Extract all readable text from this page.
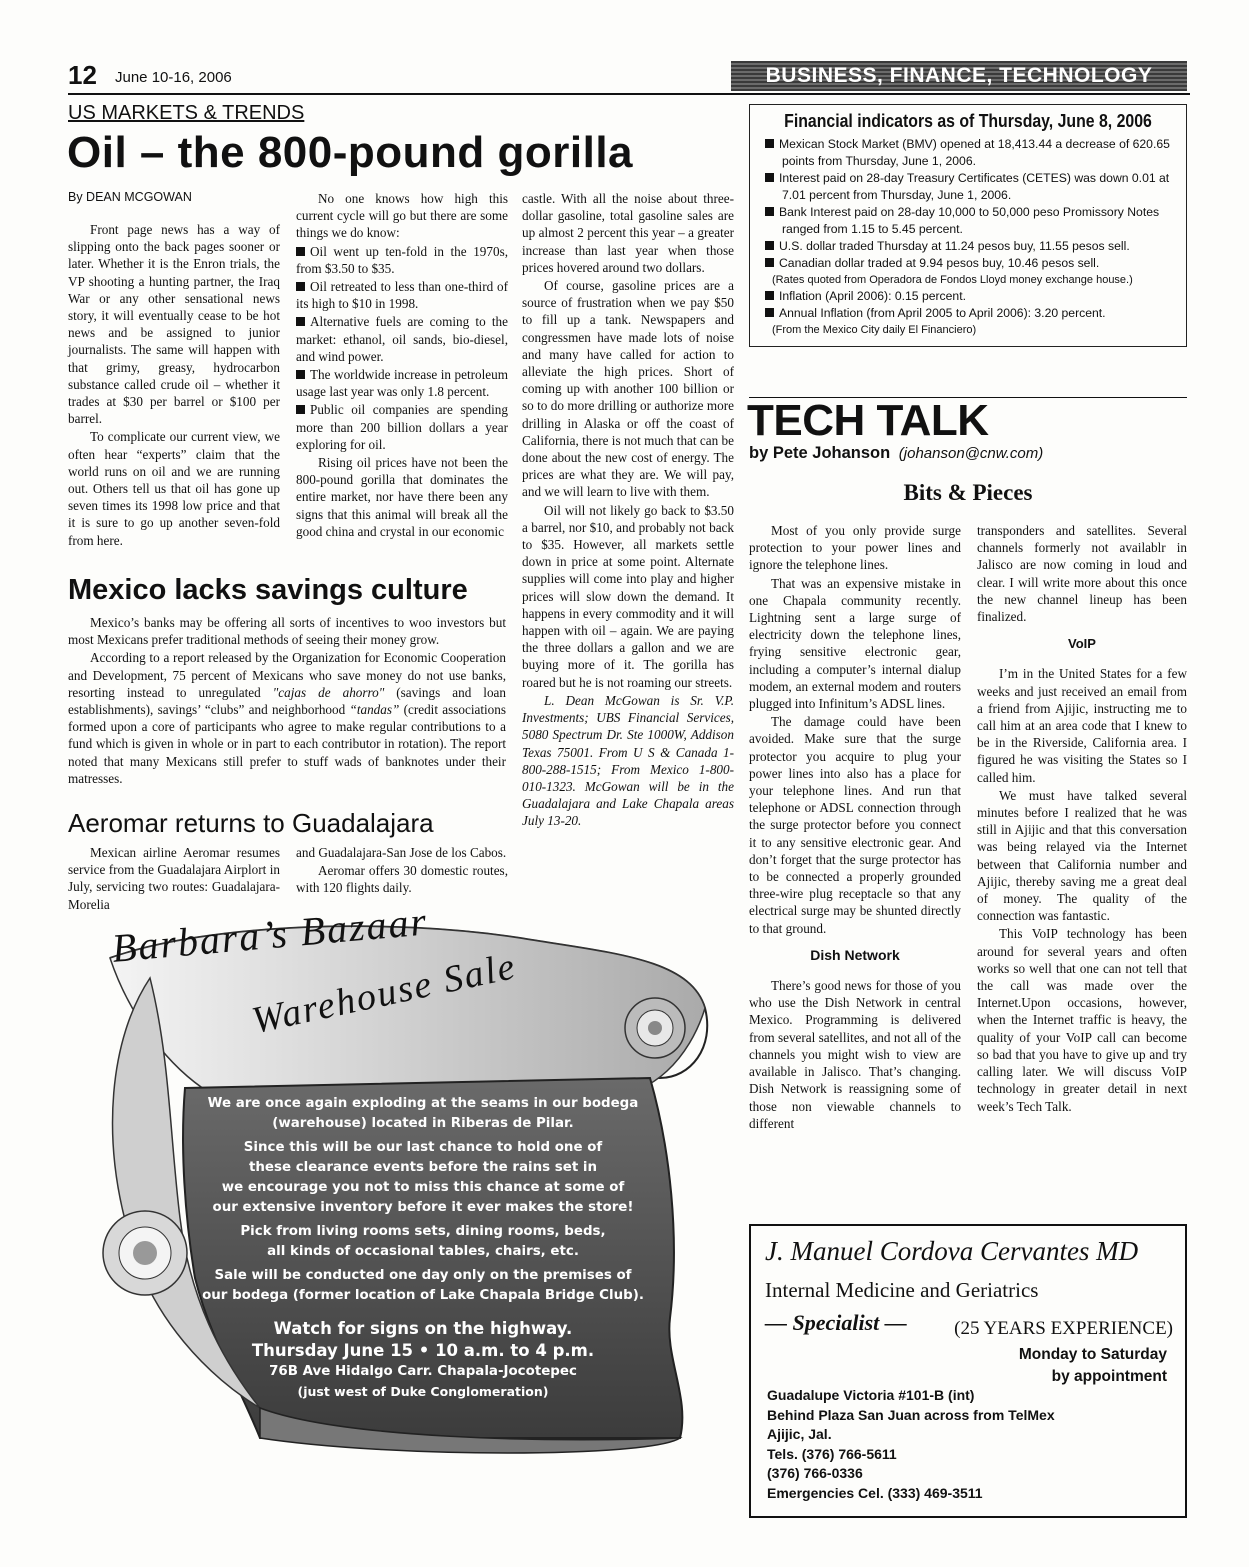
12 June 10-16, 2006	BUSINESS, FINANCE, TECHNOLOGY
US MARKETS & TRENDS
Oil – the 800-pound gorilla
By DEAN MCGOWAN

Front page news has a way of slipping onto the back pages sooner or later. Whether it is the Enron trials, the VP shooting a hunting partner, the Iraq War or any other sensational news story, it will eventually cease to be hot news and be assigned to junior journalists. The same will happen with that grimy, greasy, hydrocarbon substance called crude oil – whether it trades at $30 per barrel or $100 per barrel.

To complicate our current view, we often hear “experts” claim that the world runs on oil and we are running out. Others tell us that oil has gone up seven times its 1998 low price and that it is sure to go up another seven-fold from here.

No one knows how high this current cycle will go but there are some things we do know:

Oil went up ten-fold in the 1970s, from $3.50 to $35.

Oil retreated to less than one-third of its high to $10 in 1998.

Alternative fuels are coming to the market: ethanol, oil sands, bio-diesel, and wind power.

The worldwide increase in petroleum usage last year was only 1.8 percent.

Public oil companies are spending more than 200 billion dollars a year exploring for oil.

Rising oil prices have not been the 800-pound gorilla that dominates the entire market, nor have there been any signs that this animal will break all the good china and crystal in our economic

castle. With all the noise about three-dollar gasoline, total gasoline sales are up almost 2 percent this year – a greater increase than last year when those prices hovered around two dollars.

Of course, gasoline prices are a source of frustration when we pay $50 to fill up a tank. Newspapers and congressmen have made lots of noise and many have called for action to alleviate the high prices. Short of coming up with another 100 billion or so to do more drilling or authorize more drilling in Alaska or off the coast of California, there is not much that can be done about the new cost of energy. The prices are what they are. We will pay, and we will learn to live with them.

Oil will not likely go back to $3.50 a barrel, nor $10, and probably not back to $35. However, all markets settle down in price at some point. Alternate supplies will come into play and higher prices will slow down the demand. It happens in every commodity and it will happen with oil – again. We are paying the three dollars a gallon and we are buying more of it. The gorilla has roared but he is not roaming our streets.

L. Dean McGowan is Sr. V.P. Investments; UBS Financial Services, 5080 Spectrum Dr. Ste 1000W, Addison Texas 75001. From U S & Canada 1-800-288-1515; From Mexico 1-800-010-1323. McGowan will be in the Guadalajara and Lake Chapala areas July 13-20.

Mexico lacks savings culture

Mexico’s banks may be offering all sorts of incentives to woo investors but most Mexicans prefer traditional methods of seeing their money grow.

According to a report released by the Organization for Economic Cooperation and Development, 75 percent of Mexicans who save money do not use banks, resorting instead to unregulated "cajas de ahorro" (savings and loan establishments), savings’ “clubs” and neighborhood “tandas” (credit associations formed upon a core of participants who agree to make regular contributions to a fund which is given in whole or in part to each contributor in rotation). The report noted that many Mexicans still prefer to stuff wads of banknotes under their matresses.

Aeromar returns to Guadalajara

Mexican airline Aeromar resumes service from the Guadalajara Airplort in July, servicing two routes: Guadalajara-Morelia

and Guadalajara-San Jose de los Cabos.

Aeromar offers 30 domestic routes, with 120 flights daily.

Financial indicators as of Thursday, June 8, 2006
Mexican Stock Market (BMV) opened at 18,413.44 a decrease of 620.65 points from Thursday, June 1, 2006.
Interest paid on 28-day Treasury Certificates (CETES) was down 0.01 at 7.01 percent from Thursday, June 1, 2006.
Bank Interest paid on 28-day 10,000 to 50,000 peso Promissory Notes ranged from 1.15 to 5.45 percent.
U.S. dollar traded Thursday at 11.24 pesos buy, 11.55 pesos sell.
Canadian dollar traded at 9.94 pesos buy, 10.46 pesos sell.
(Rates quoted from Operadora de Fondos Lloyd money exchange house.)
Inflation (April 2006): 0.15 percent.
Annual Inflation (from April 2005 to April 2006): 3.20 percent.
(From the Mexico City daily El Financiero)
TECH TALK
by Pete Johanson (johanson@cnw.com)
Bits & Pieces

Most of you only provide surge protection to your power lines and ignore the telephone lines.

That was an expensive mistake in one Chapala community recently. Lightning sent a large surge of electricity down the telephone lines, frying sensitive electronic gear, including a computer’s internal dialup modem, an external modem and routers plugged into Infinitum’s ADSL lines.

The damage could have been avoided. Make sure that the surge protector you acquire to plug your power lines into also has a place for your telephone lines. And run that telephone or ADSL connection through the surge protector before you connect it to any sensitive electronic gear. And don’t forget that the surge protector has to be connected a properly grounded three-wire plug receptacle so that any electrical surge may be shunted directly to that ground.

Dish Network

There’s good news for those of you who use the Dish Network in central Mexico. Programming is delivered from several satellites, and not all of the channels you might wish to view are available in Jalisco. That’s changing. Dish Network is reassigning some of those non viewable channels to different

transponders and satellites. Several channels formerly not availablr in Jalisco are now coming in loud and clear. I will write more about this once the new channel lineup has been finalized.

VoIP

I’m in the United States for a few weeks and just received an email from a friend from Ajijic, instructing me to call him at an area code that I knew to be in the Riverside, California area. I figured he was visiting the States so I called him.

We must have talked several minutes before I realized that he was still in Ajijic and that this conversation was being relayed via the Internet between that California number and Ajijic, thereby saving me a great deal of money. The quality of the connection was fantastic.

This VoIP technology has been around for several years and often works so well that one can not tell that the call was made over the Internet.Upon occasions, however, when the Internet traffic is heavy, the quality of your VoIP call can become so bad that you have to give up and try calling later. We will discuss VoIP technology in greater detail in next week’s Tech Talk.

Barbara’s Bazaar
Warehouse Sale
We are once again exploding at the seams in our bodega
(warehouse) located in Riberas de Pilar.
Since this will be our last chance to hold one of
these clearance events before the rains set in
we encourage you not to miss this chance at some of
our extensive inventory before it ever makes the store!
Pick from living rooms sets, dining rooms, beds,
all kinds of occasional tables, chairs, etc.
Sale will be conducted one day only on the premises of
our bodega (former location of Lake Chapala Bridge Club).
Watch for signs on the highway.
Thursday June 15 • 10 a.m. to 4 p.m.
76B Ave Hidalgo Carr. Chapala-Jocotepec
(just west of Duke Conglomeration)
J. Manuel Cordova Cervantes MD
Internal Medicine and Geriatrics
— Specialist — (25 YEARS EXPERIENCE)
Monday to Saturday
by appointment
Guadalupe Victoria #101-B (int)
Behind Plaza San Juan across from TelMex
Ajijic, Jal.
Tels. (376) 766-5611
(376) 766-0336
Emergencies Cel. (333) 469-3511
